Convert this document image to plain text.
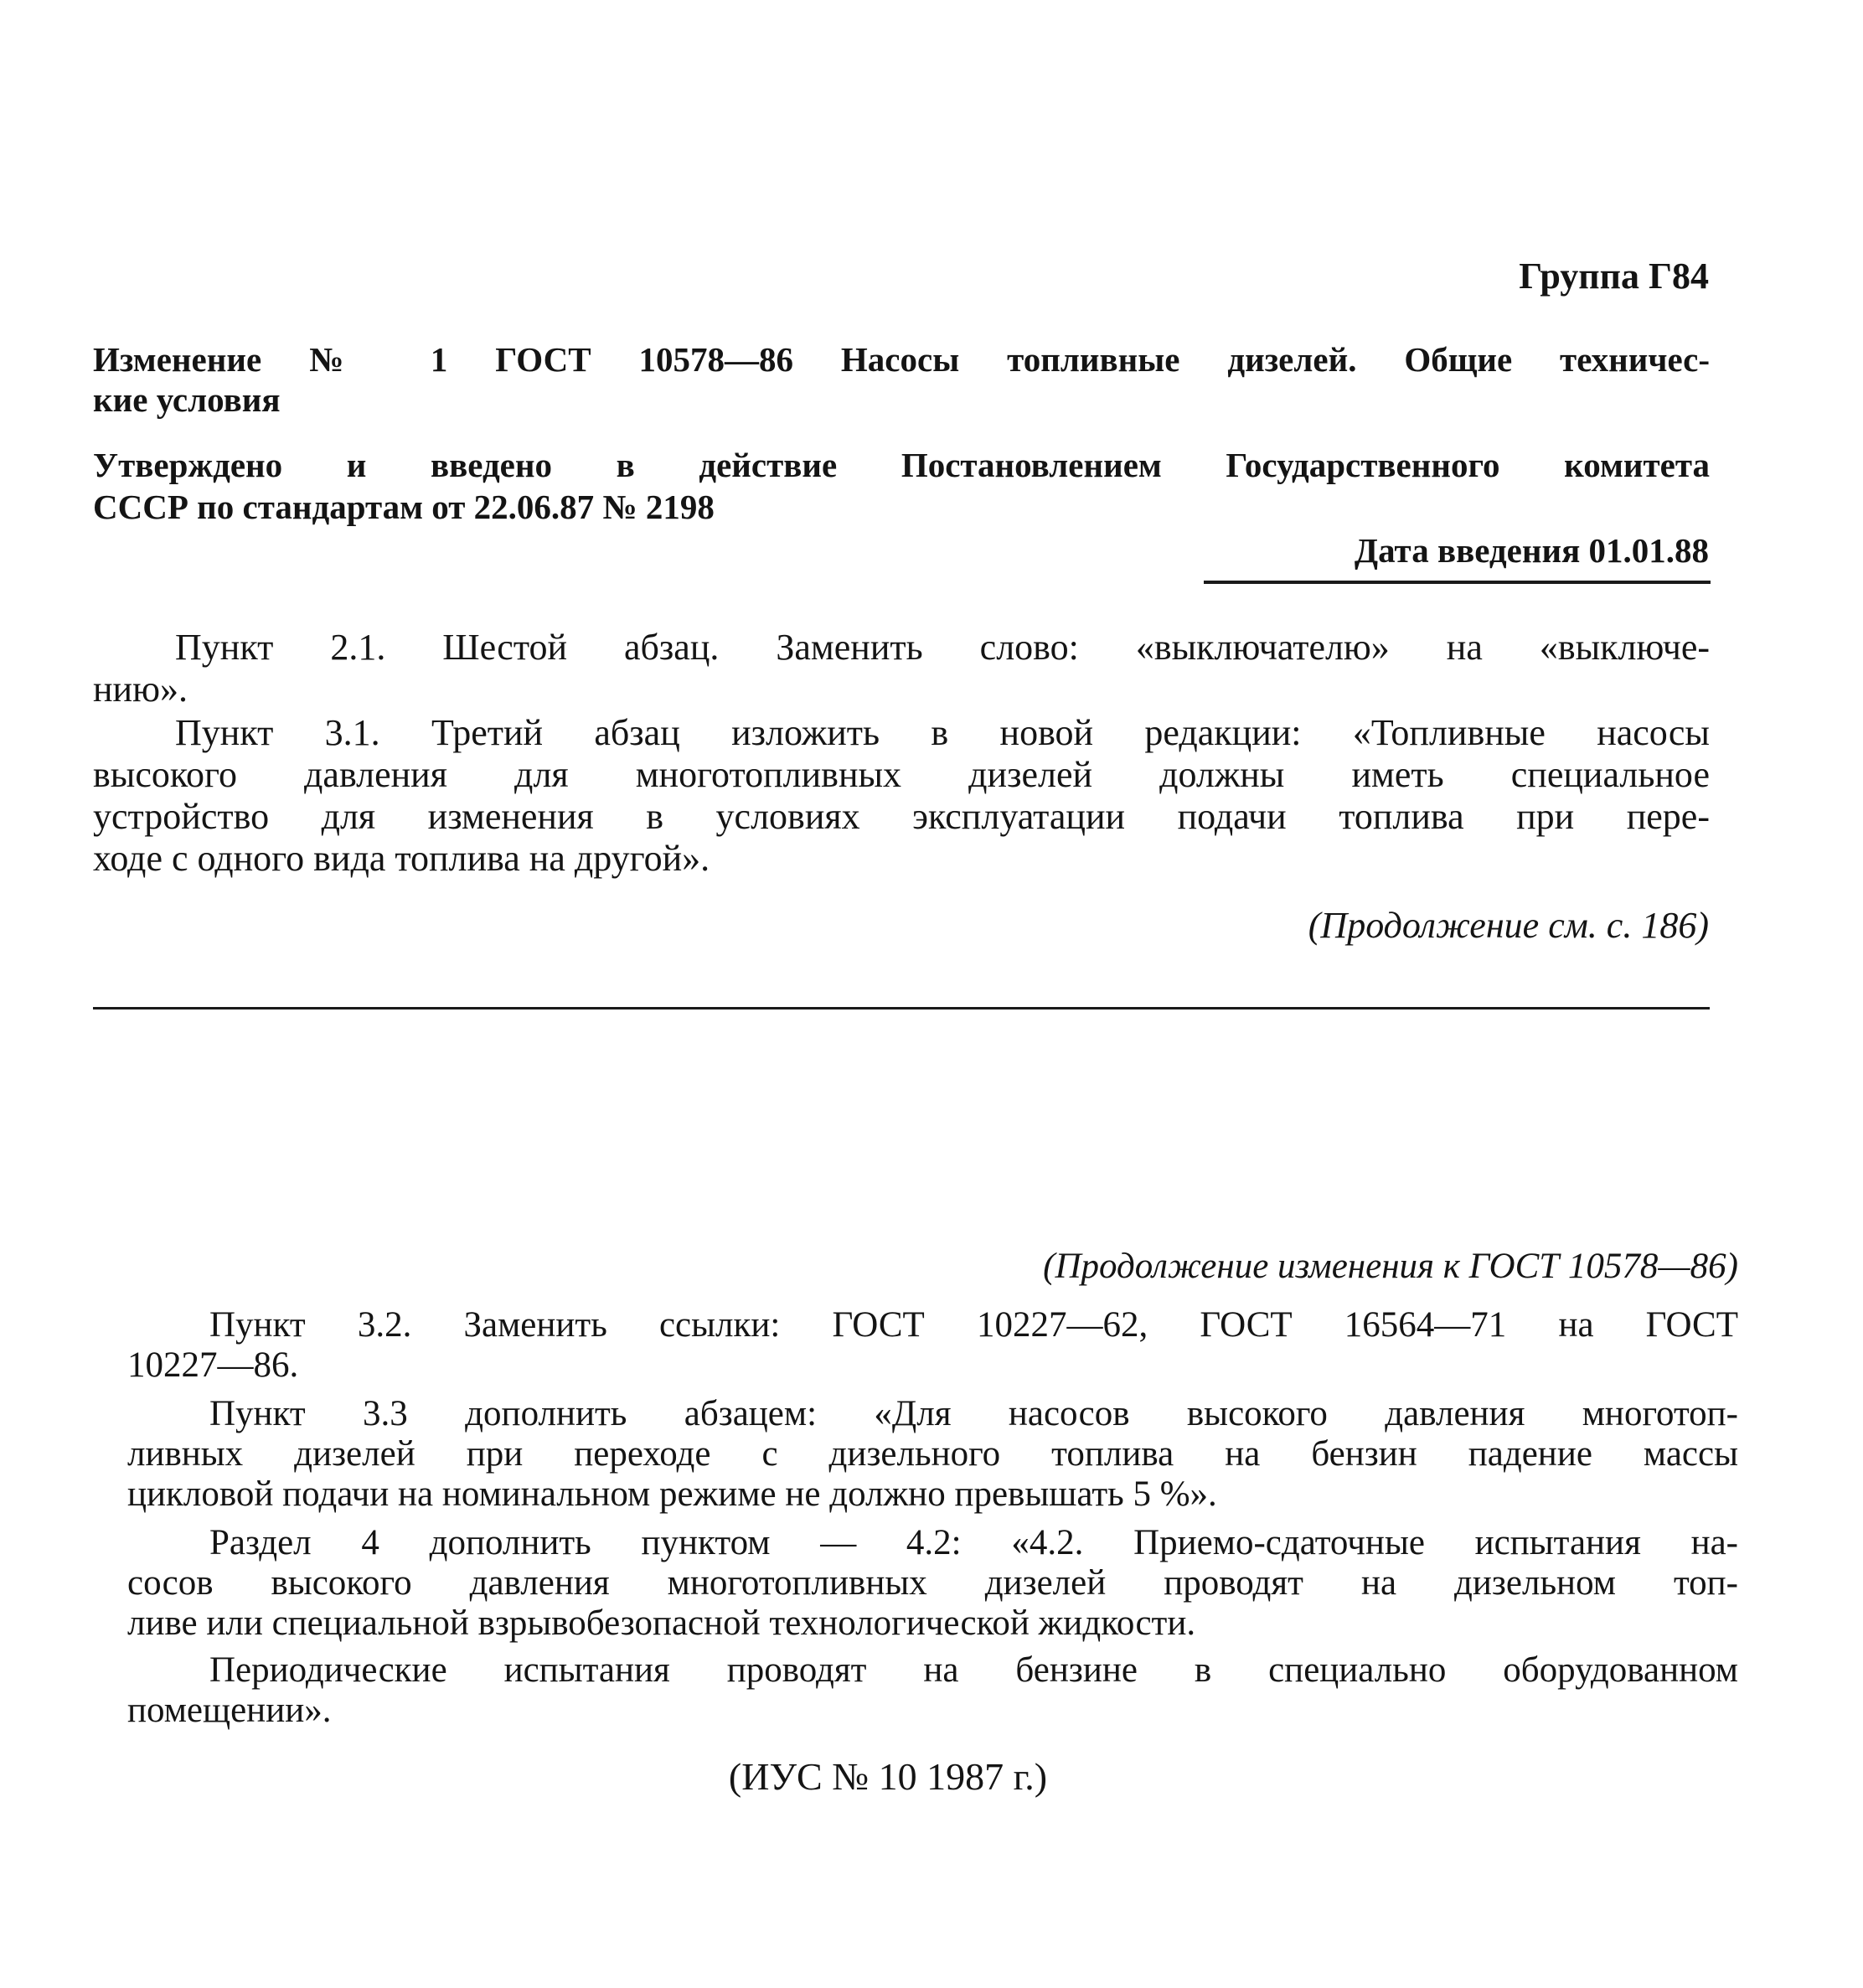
Группа Г84
Изменение № 1 ГОСТ 10578—86 Насосы топливные дизелей. Общие техничес-
кие условия
Утверждено и введено в действие Постановлением Государственного комитета
СССР по стандартам от 22.06.87 № 2198
Дата введения 01.01.88
Пункт 2.1. Шестой абзац. Заменить слово: «выключателю» на «выключе-
нию».
Пункт 3.1. Третий абзац изложить в новой редакции: «Топливные насосы
высокого давления для многотопливных дизелей должны иметь специальное
устройство для изменения в условиях эксплуатации подачи топлива при пере-
ходе с одного вида топлива на другой».
(Продолжение см. с. 186)
(Продолжение изменения к ГОСТ 10578—86)
Пункт 3.2. Заменить ссылки: ГОСТ 10227—62, ГОСТ 16564—71 на ГОСТ
10227—86.
Пункт 3.3 дополнить абзацем: «Для насосов высокого давления многотоп-
ливных дизелей при переходе с дизельного топлива на бензин падение массы
цикловой подачи на номинальном режиме не должно превышать 5 %».
Раздел 4 дополнить пунктом — 4.2: «4.2. Приемо-сдаточные испытания на-
сосов высокого давления многотопливных дизелей проводят на дизельном топ-
ливе или специальной взрывобезопасной технологической жидкости.
Периодические испытания проводят на бензине в специально оборудованном
помещении».
(ИУС № 10 1987 г.)
